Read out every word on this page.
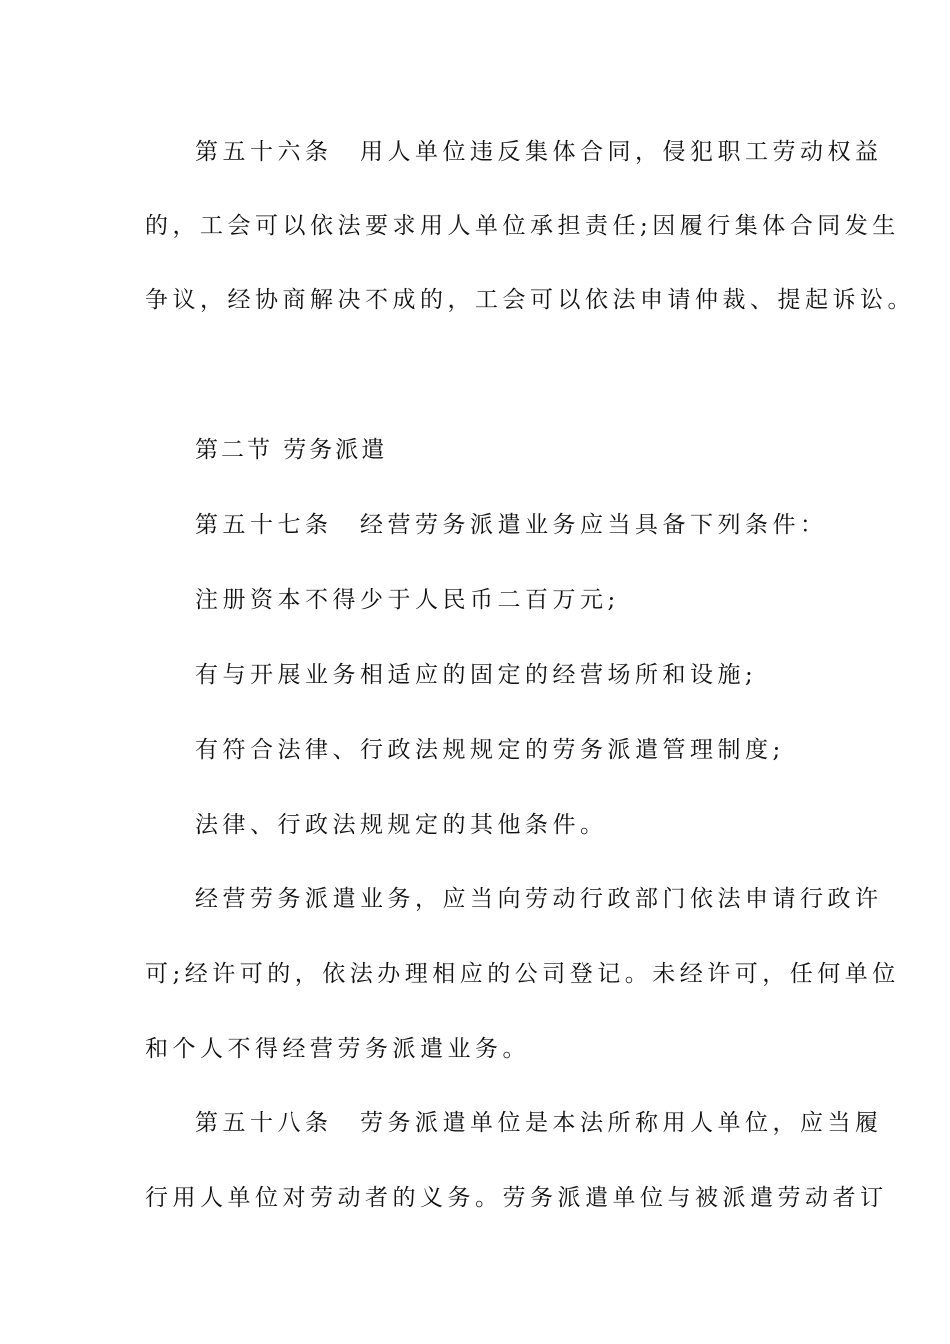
第五十六条　用人单位违反集体合同，侵犯职工劳动权益
的，工会可以依法要求用人单位承担责任;因履行集体合同发生
争议，经协商解决不成的，工会可以依法申请仲裁、提起诉讼。
第二节 劳务派遣
第五十七条　经营劳务派遣业务应当具备下列条件：
注册资本不得少于人民币二百万元;
有与开展业务相适应的固定的经营场所和设施;
有符合法律、行政法规规定的劳务派遣管理制度;
法律、行政法规规定的其他条件。
经营劳务派遣业务，应当向劳动行政部门依法申请行政许
可;经许可的，依法办理相应的公司登记。未经许可，任何单位
和个人不得经营劳务派遣业务。
第五十八条　劳务派遣单位是本法所称用人单位，应当履
行用人单位对劳动者的义务。劳务派遣单位与被派遣劳动者订
